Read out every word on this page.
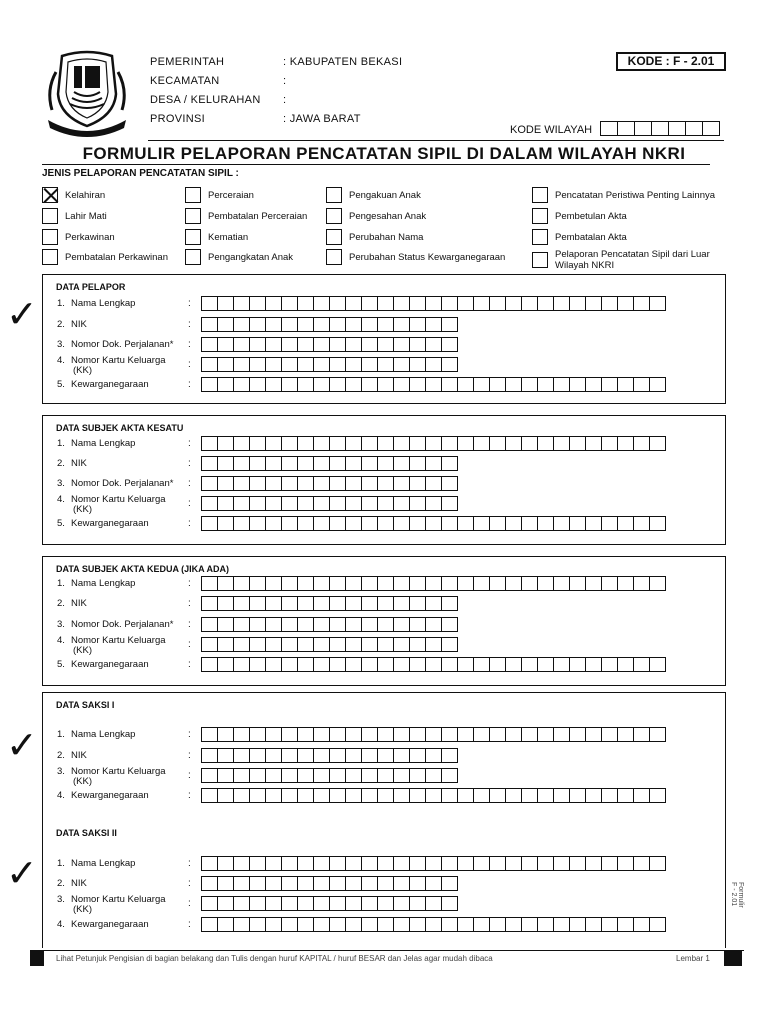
PEMERINTAH	: KABUPATEN BEKASI
KECAMATAN	:
DESA / KELURAHAN :
PROVINSI	: JAWA BARAT
KODE : F - 2.01
KODE WILAYAH
FORMULIR PELAPORAN PENCATATAN SIPIL DI DALAM WILAYAH NKRI
JENIS PELAPORAN PENCATATAN SIPIL :
Kelahiran
Lahir Mati
Perkawinan
Pembatalan Perkawinan
Perceraian
Pembatalan Perceraian
Kematian
Pengangkatan Anak
Pengakuan Anak
Pengesahan Anak
Perubahan Nama
Perubahan Status Kewarganegaraan
Pencatatan Peristiwa Penting Lainnya
Pembetulan Akta
Pembatalan Akta
Pelaporan Pencatatan Sipil dari Luar
Wilayah NKRI
DATA PELAPOR
1. Nama Lengkap	:
2. NIK	:
✓
3. Nomor Dok. Perjalanan* :
4. Nomor Kartu Keluarga
(KK)
:
5. Kewarganegaraan	:
DATA SUBJEK AKTA KESATU
1. Nama Lengkap	:
2. NIK	:
3. Nomor Dok. Perjalanan* :
4. Nomor Kartu Keluarga
(KK)
:
5. Kewarganegaraan	:
DATA SUBJEK AKTA KEDUA (JIKA ADA)
1. Nama Lengkap	:
2. NIK	:
3. Nomor Dok. Perjalanan* :
4. Nomor Kartu Keluarga
(KK)
:
5. Kewarganegaraan	:
DATA SAKSI I
1. Nama Lengkap	:
2. NIK	:
✓
3. Nomor Kartu Keluarga
(KK)
:
4. Kewarganegaraan	:
DATA SAKSI II
1. Nama Lengkap	:
2. NIK	:
✓
3. Nomor Kartu Keluarga
(KK)
:
4. Kewarganegaraan	:
Lihat Petunjuk Pengisian di bagian belakang dan Tulis dengan huruf KAPITAL / huruf BESAR dan Jelas agar mudah dibaca	Lembar 1
Formulir F - 2.01
